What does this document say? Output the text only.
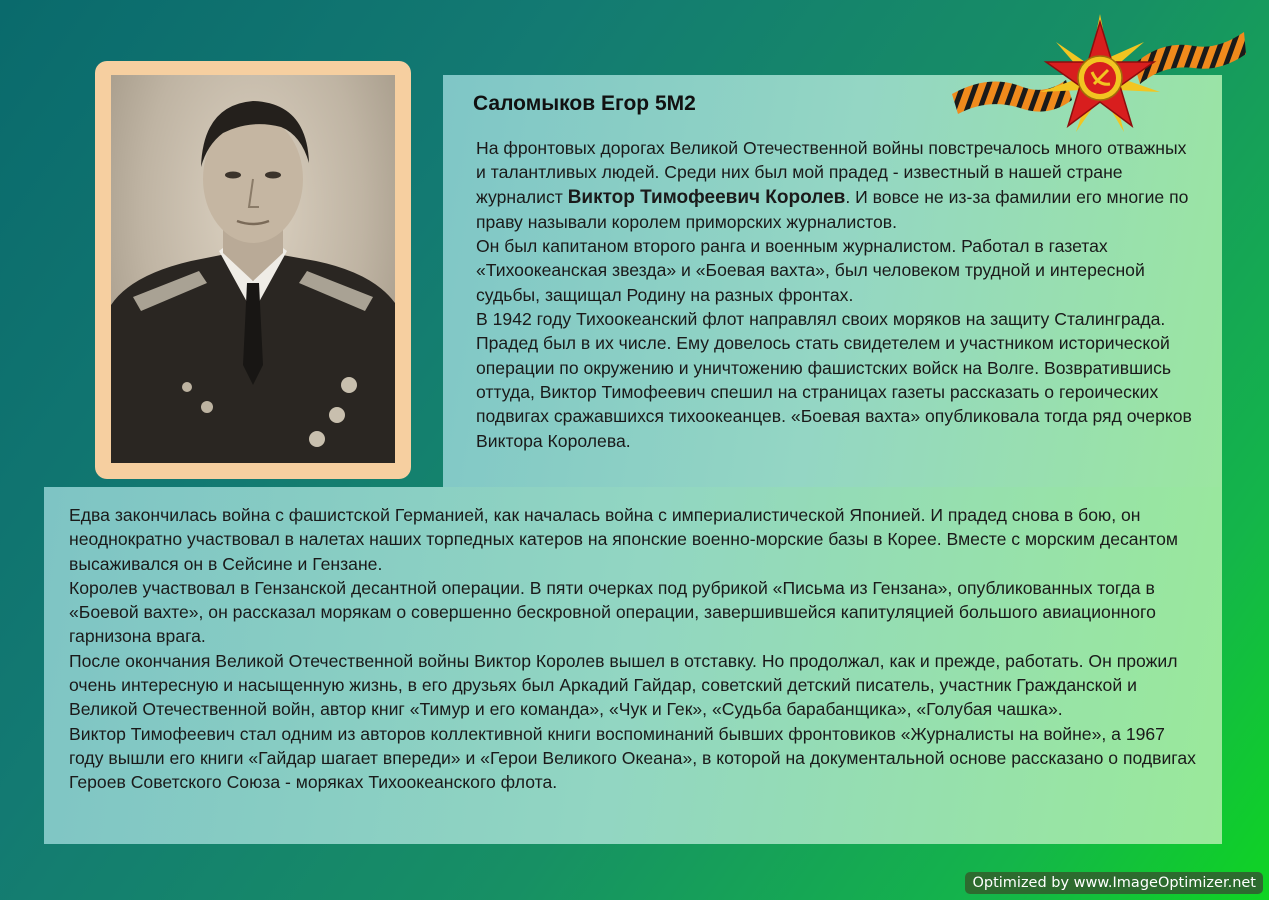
Саломыков Егор 5М2
На фронтовых дорогах Великой Отечественной войны повстречалось много отважных и талантливых людей. Среди них был мой прадед - известный в нашей стране журналист Виктор Тимофеевич Королев. И вовсе не из-за фамилии его многие по праву называли королем приморских журналистов.
Он был капитаном второго ранга и военным журналистом. Работал в газетах «Тихоокеанская звезда» и «Боевая вахта», был человеком трудной и интересной судьбы, защищал Родину на разных фронтах.
В 1942 году Тихоокеанский флот направлял своих моряков на защиту Сталинграда. Прадед был в их числе. Ему довелось стать свидетелем и участником исторической операции по окружению и уничтожению фашистских войск на Волге. Возвратившись оттуда, Виктор Тимофеевич спешил на страницах газеты рассказать о героических подвигах сражавшихся тихоокеанцев. «Боевая вахта» опубликовала тогда ряд очерков Виктора Королева.
Едва закончилась война с фашистской Германией, как началась война с империалистической Японией. И прадед снова в бою, он неоднократно участвовал в налетах наших торпедных катеров на японские военно-морские базы в Корее. Вместе с морским десантом высаживался он в Сейсине и Гензане.
Королев участвовал в Гензанской десантной операции. В пяти очерках под рубрикой «Письма из Гензана», опубликованных тогда в «Боевой вахте», он рассказал морякам о совершенно бескровной операции, завершившейся капитуляцией большого авиационного гарнизона врага.
После окончания Великой Отечественной войны Виктор Королев вышел в отставку. Но продолжал, как и прежде, работать. Он прожил очень интересную и насыщенную жизнь, в его друзьях был Аркадий Гайдар, советский детский писатель, участник Гражданской и Великой Отечественной войн, автор книг «Тимур и его команда», «Чук и Гек», «Судьба барабанщика», «Голубая чашка».
Виктор Тимофеевич стал одним из авторов коллективной книги воспоминаний бывших фронтовиков «Журналисты на войне», а 1967 году вышли его книги «Гайдар шагает впереди» и «Герои Великого Океана», в которой на документальной основе рассказано о подвигах Героев Советского Союза - моряках Тихоокеанского флота.
Optimized by www.ImageOptimizer.net
